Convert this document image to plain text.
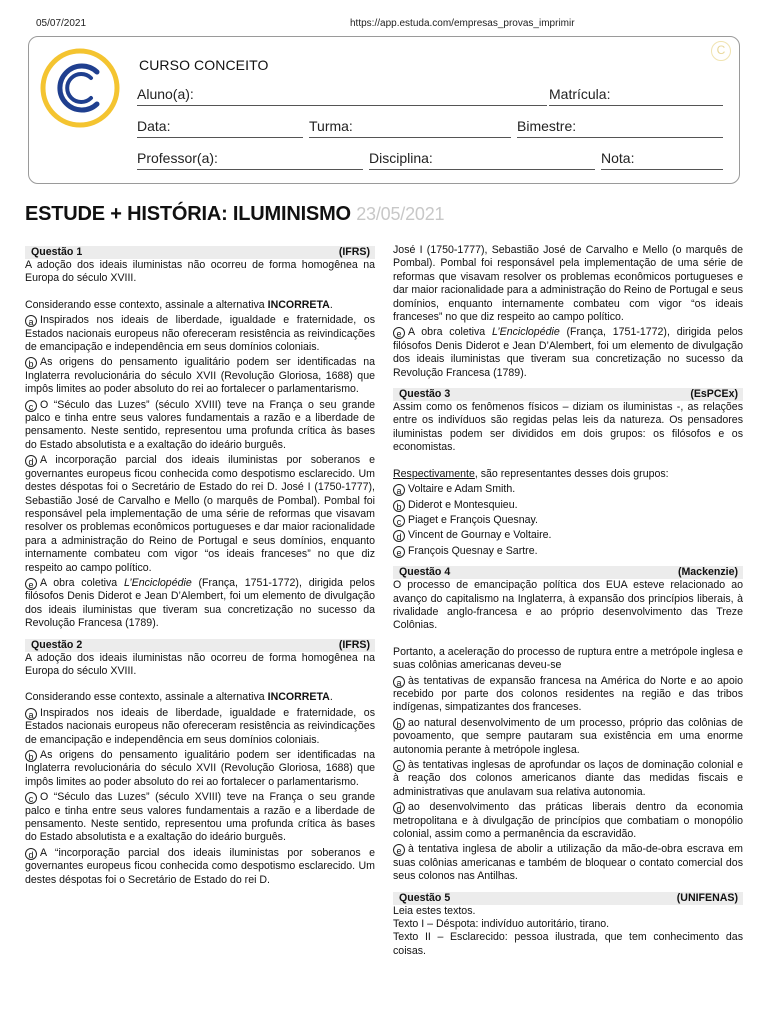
05/07/2021	https://app.estuda.com/empresas_provas_imprimir
C
CURSO CONCEITO
Aluno(a):	Matrícula:
Data:	Turma:	Bimestre:
Professor(a):	Disciplina:	Nota:
ESTUDE + HISTÓRIA: ILUMINISMO 23/05/2021
Questão 1	(IFRS)

A adoção dos ideais iluministas não ocorreu de forma homogênea na Europa do século XVIII.

Considerando esse contexto, assinale a alternativa INCORRETA.

a Inspirados nos ideais de liberdade, igualdade e fraternidade, os Estados nacionais europeus não ofereceram resistência as reivindicações de emancipação e independência em seus domínios coloniais.
b As origens do pensamento igualitário podem ser identificadas na Inglaterra revolucionária do século XVII (Revolução Gloriosa, 1688) que impôs limites ao poder absoluto do rei ao fortalecer o parlamentarismo.
c O “Século das Luzes” (século XVIII) teve na França o seu grande palco e tinha entre seus valores fundamentais a razão e a liberdade de pensamento. Neste sentido, representou uma profunda crítica às bases do Estado absolutista e a exaltação do ideário burguês.
d A incorporação parcial dos ideais iluministas por soberanos e governantes europeus ficou conhecida como despotismo esclarecido. Um destes déspotas foi o Secretário de Estado do rei D. José I (1750-1777), Sebastião José de Carvalho e Mello (o marquês de Pombal). Pombal foi responsável pela implementação de uma série de reformas que visavam resolver os problemas econômicos portugueses e dar maior racionalidade para a administração do Reino de Portugal e seus domínios, enquanto internamente combateu com vigor “os ideais franceses” no que diz respeito ao campo político.
e A obra coletiva L’Enciclopédie (França, 1751-1772), dirigida pelos filósofos Denis Diderot e Jean D’Alembert, foi um elemento de divulgação dos ideais iluministas que tiveram sua concretização no sucesso da Revolução Francesa (1789).
Questão 2	(IFRS)

A adoção dos ideais iluministas não ocorreu de forma homogênea na Europa do século XVIII.

Considerando esse contexto, assinale a alternativa INCORRETA.

a Inspirados nos ideais de liberdade, igualdade e fraternidade, os Estados nacionais europeus não ofereceram resistência as reivindicações de emancipação e independência em seus domínios coloniais.
b As origens do pensamento igualitário podem ser identificadas na Inglaterra revolucionária do século XVII (Revolução Gloriosa, 1688) que impôs limites ao poder absoluto do rei ao fortalecer o parlamentarismo.
c O “Século das Luzes” (século XVIII) teve na França o seu grande palco e tinha entre seus valores fundamentais a razão e a liberdade de pensamento. Neste sentido, representou uma profunda crítica às bases do Estado absolutista e a exaltação do ideário burguês.
d A “incorporação parcial dos ideais iluministas por soberanos e governantes europeus ficou conhecida como despotismo esclarecido. Um destes déspotas foi o Secretário de Estado do rei D.

José I (1750-1777), Sebastião José de Carvalho e Mello (o marquês de Pombal). Pombal foi responsável pela implementação de uma série de reformas que visavam resolver os problemas econômicos portugueses e dar maior racionalidade para a administração do Reino de Portugal e seus domínios, enquanto internamente combateu com vigor “os ideais franceses” no que diz respeito ao campo político.

e A obra coletiva L’Enciclopédie (França, 1751-1772), dirigida pelos filósofos Denis Diderot e Jean D’Alembert, foi um elemento de divulgação dos ideais iluministas que tiveram sua concretização no sucesso da Revolução Francesa (1789).
Questão 3	(EsPCEx)

Assim como os fenômenos físicos – diziam os iluministas -, as relações entre os indivíduos são regidas pelas leis da natureza. Os pensadores iluministas podem ser divididos em dois grupos: os filósofos e os economistas.

Respectivamente, são representantes desses dois grupos:

a Voltaire e Adam Smith.
b Diderot e Montesquieu.
c Piaget e François Quesnay.
d Vincent de Gournay e Voltaire.
e François Quesnay e Sartre.
Questão 4	(Mackenzie)

O processo de emancipação política dos EUA esteve relacionado ao avanço do capitalismo na Inglaterra, à expansão dos princípios liberais, à rivalidade anglo-francesa e ao próprio desenvolvimento das Treze Colônias.

Portanto, a aceleração do processo de ruptura entre a metrópole inglesa e suas colônias americanas deveu-se

a às tentativas de expansão francesa na América do Norte e ao apoio recebido por parte dos colonos residentes na região e das tribos indígenas, simpatizantes dos franceses.
b ao natural desenvolvimento de um processo, próprio das colônias de povoamento, que sempre pautaram sua existência em uma enorme autonomia perante à metrópole inglesa.
c às tentativas inglesas de aprofundar os laços de dominação colonial e à reação dos colonos americanos diante das medidas fiscais e administrativas que anulavam sua relativa autonomia.
d ao desenvolvimento das práticas liberais dentro da economia metropolitana e à divulgação de princípios que combatiam o monopólio colonial, assim como a permanência da escravidão.
e à tentativa inglesa de abolir a utilização da mão-de-obra escrava em suas colônias americanas e também de bloquear o contato comercial dos seus colonos nas Antilhas.
Questão 5	(UNIFENAS)

Leia estes textos.

Texto I – Déspota: indivíduo autoritário, tirano.

Texto II – Esclarecido: pessoa ilustrada, que tem conhecimento das coisas.
